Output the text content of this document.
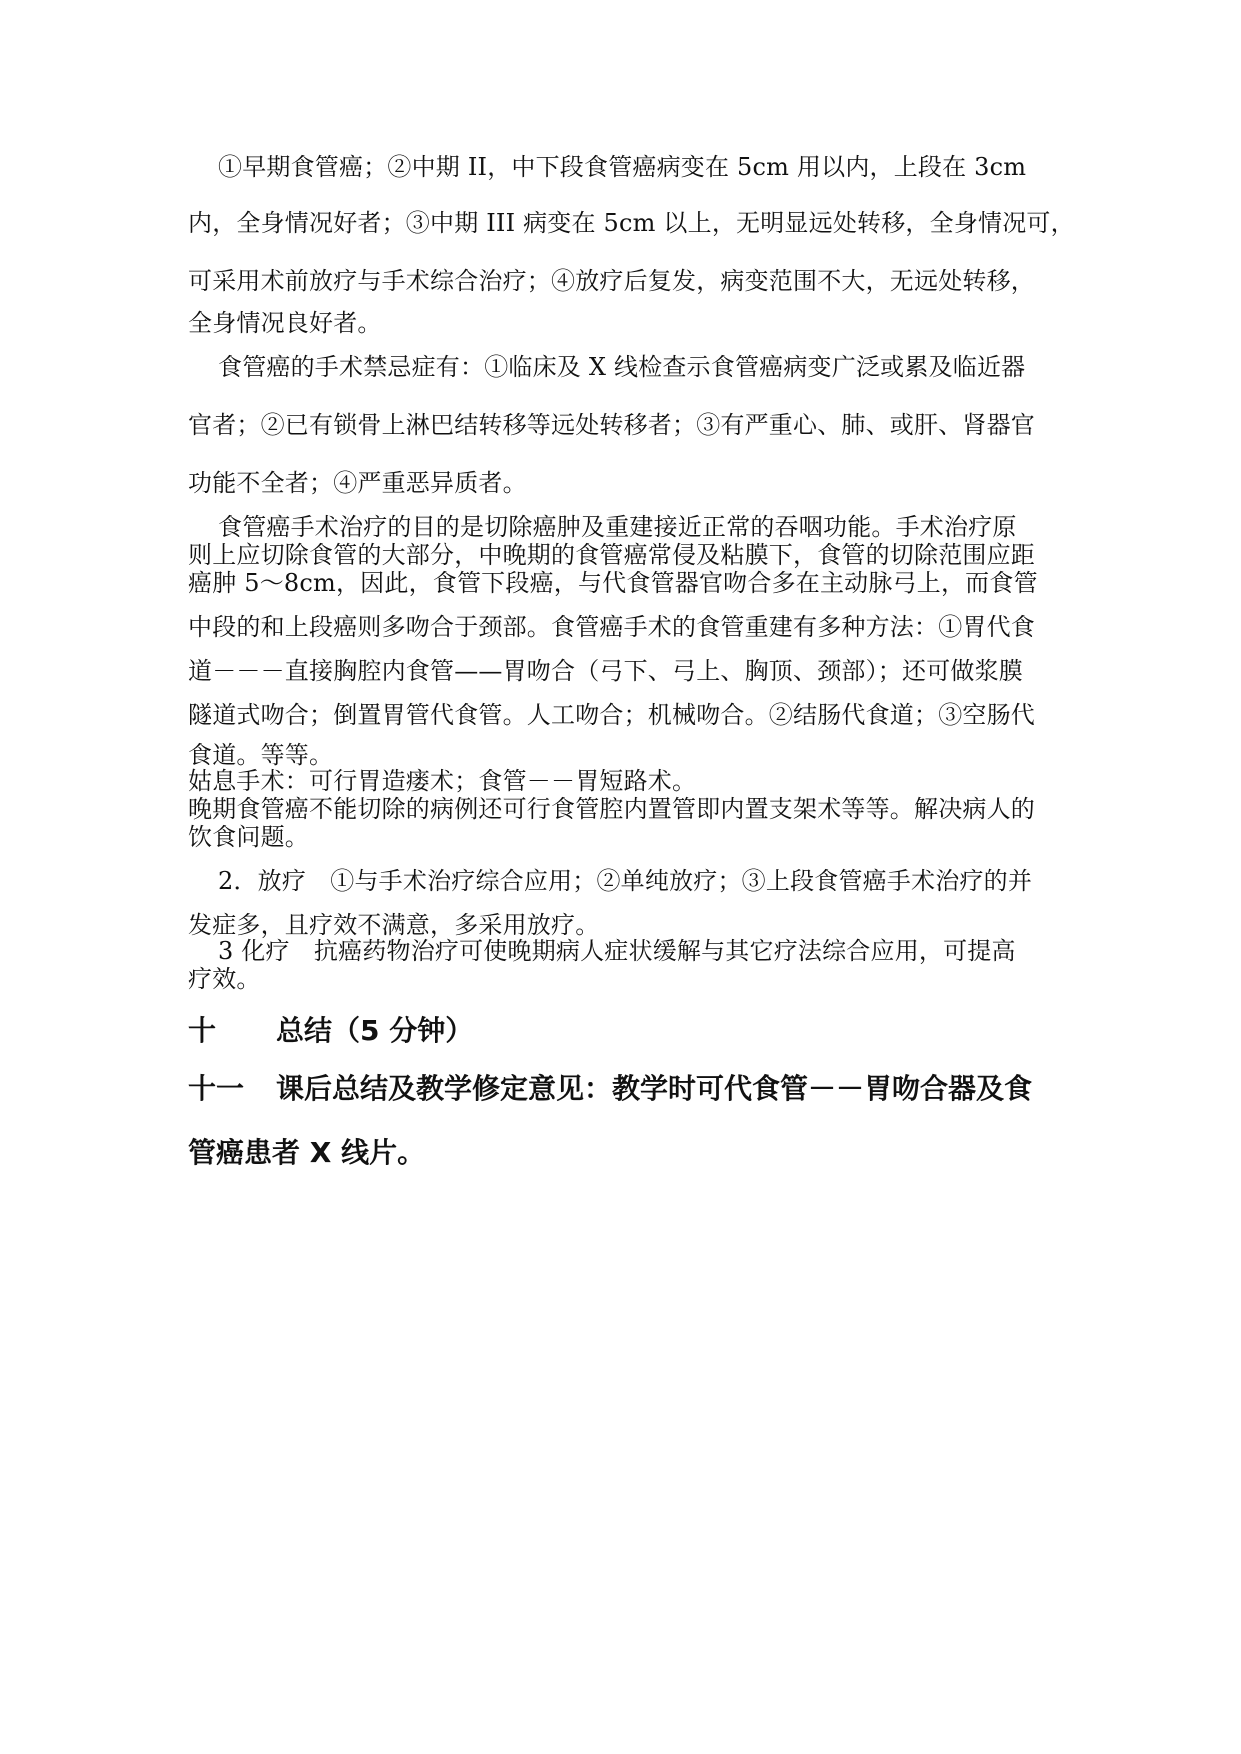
①早期食管癌；②中期 II，中下段食管癌病变在 5cm 用以内，上段在 3cm
内，全身情况好者；③中期 III 病变在 5cm 以上，无明显远处转移，全身情况可，
可采用术前放疗与手术综合治疗；④放疗后复发，病变范围不大，无远处转移，
全身情况良好者。
食管癌的手术禁忌症有：①临床及 X 线检查示食管癌病变广泛或累及临近器
官者；②已有锁骨上淋巴结转移等远处转移者；③有严重心、肺、或肝、肾器官
功能不全者；④严重恶异质者。
食管癌手术治疗的目的是切除癌肿及重建接近正常的吞咽功能。手术治疗原
则上应切除食管的大部分，中晚期的食管癌常侵及粘膜下，食管的切除范围应距
癌肿 5～8cm，因此，食管下段癌，与代食管器官吻合多在主动脉弓上，而食管
中段的和上段癌则多吻合于颈部。食管癌手术的食管重建有多种方法：①胃代食
道－－－直接胸腔内食管——胃吻合（弓下、弓上、胸顶、颈部）；还可做浆膜
隧道式吻合；倒置胃管代食管。人工吻合；机械吻合。②结肠代食道；③空肠代
食道。等等。
姑息手术：可行胃造瘘术；食管－－胃短路术。
晚期食管癌不能切除的病例还可行食管腔内置管即内置支架术等等。解决病人的
饮食问题。
2．放疗　①与手术治疗综合应用；②单纯放疗；③上段食管癌手术治疗的并
发症多，且疗效不满意，多采用放疗。
3 化疗　抗癌药物治疗可使晚期病人症状缓解与其它疗法综合应用，可提高
疗效。
十 总结（5 分钟）
十一 课后总结及教学修定意见：教学时可代食管－－胃吻合器及食
管癌患者 X 线片。
